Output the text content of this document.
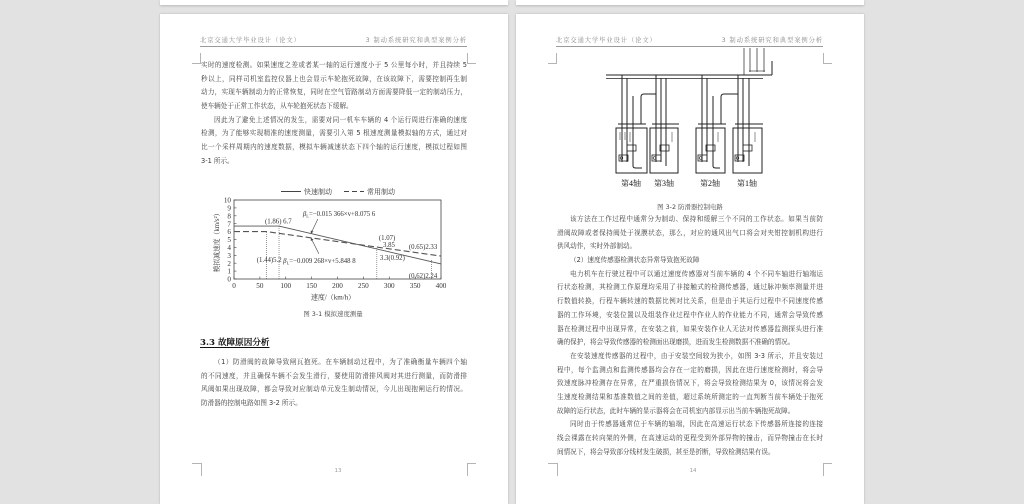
北京交通大学毕业设计（论文）	3 制动系统研究和典型案例分析
实时的速度检测。如果速度之差或者某一轴的运行速度小于 5 公里每小时，并且持续 5
秒以上，同样司机室监控仪器上也会显示车轮抱死故障，在该故障下，需要控制再生制
动力，实现车辆制动力的正常恢复，同时在空气管路制动方面需要降低一定的制动压力，
使车辆处于正常工作状态，从车轮抱死状态下缓解。
因此为了避免上述情况的发生，需要对同一机车车辆的 4 个运行周进行准确的速度
检测，为了能够实现精准的速度测量，需要引入第 5 根速度测量模拟轴的方式，通过对
比一个采样周期内的速度数据，模拟车辆减速状态下四个轴的运行速度，模拟过程如图
3-1 所示。
0
1
2
3
4
5
6
7
8
9
10
0	50 100 150 200 250 300 350 400
速度/（km/h）
模拟减速度（km/s²）
快速制动	常用制动
(1.86) 6.7
(1.44)5.2
(1.07)
3.85
3.3(0.92)
(0.65)2.33
(0.62)2.24
$\beta_L=-0.015$ 366×v+8.075 6
$\beta_L=-0.009$ 268×v+5.848 8
图 3-1 模拟速度测量
3.3 故障原因分析
（1）防滑阀的故障导致闸瓦抱死。在车辆制动过程中，为了准确衡量车辆四个轴
的不同速度，并且确保车辆不会发生滑行，要使用防滑排风阀对其进行测量，而防滑排
风阀如果出现故障，都会导致对应制动单元发生制动情况，今儿出现抱闸运行的情况。
防滑器的控制电路如图 3-2 所示。
13
北京交通大学毕业设计（论文）	3 制动系统研究和典型案例分析
第4轴 第3轴	第2轴 第1轴
图 3-2 防滑器控制电路
该方法在工作过程中通常分为制动、保持和缓解三个不同的工作状态。如果当前防
滑阀故障或者保持阀处于视膜状态，那么，对应的通风出气口将会对夹钳控制机构进行
供风动作，实时外部制动。
（2）速度传感器检测状态异常导致抱死故障
电力机车在行驶过程中可以通过速度传感器对当前车辆的 4 个不同车轴进行轴端运
行状态检测，其检测工作原理均采用了非接触式的检测传感器，通过脉冲频率测量并进
行数值转换，行程车辆转速的数据比例对比关系，但是由于其运行过程中不同速度传感
器的工作环境，安装位置以及组装作业过程中作业人的作业能力不同，通常会导致传感
器在检测过程中出现异常，在安装之前，如果安装作业人无法对传感器监测探头进行准
确的保护，将会导致传感器的检测面出现磨损，进而发生检测数据不准确的情况。
在安装速度传感器的过程中，由于安装空间较为狭小，如图 3-3 所示，并且安装过
程中，每个监测点和监测传感器均会存在一定的磨损，因此在进行速度检测时，将会导
致速度脉冲检测存在异常，在严重损伤情况下，将会导致检测结果为 0，该情况将会发
生速度检测结果和基准数值之间的差值，超过系统所测定的一直判断当前车辆处于抱死
故障的运行状态，此时车辆的显示器将会在司机室内部显示出当前车辆抱死故障。
同时由于传感器通常位于车辆的轴端，因此在高速运行状态下传感器所连接的连接
线会裸露在转向架的外侧，在高速运动的更程受到外部异物的撞击，而异物撞击在长时
间情况下，将会导致部分线材发生破损，甚至是折断，导致检测结果有误。
14
